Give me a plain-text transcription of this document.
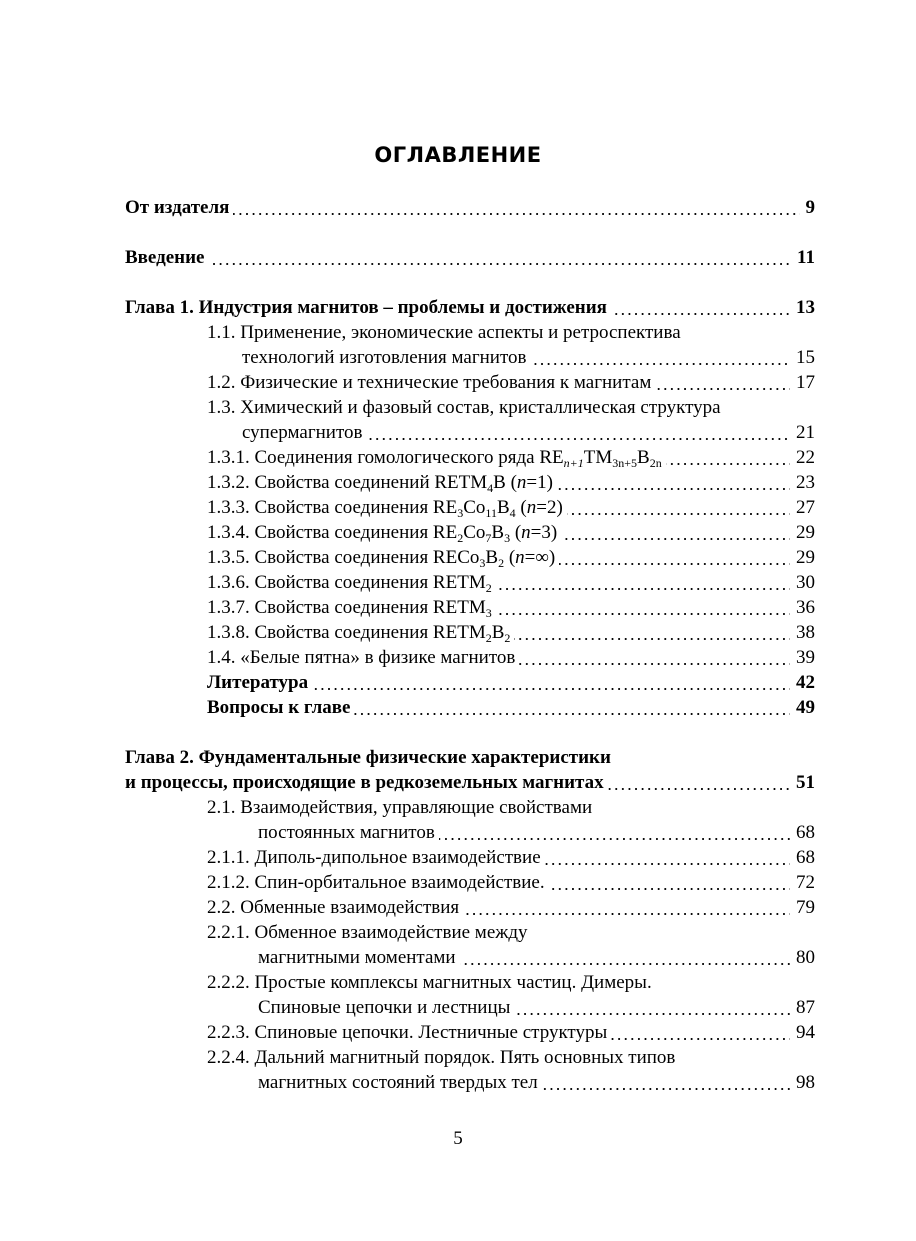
ОГЛАВЛЕНИЕ
От издателя	9
Введение	11
Глава 1. Индустрия магнитов – проблемы и достижения	13
1.1. Применение, экономические аспекты и ретроспектива
технологий изготовления магнитов	15
1.2. Физические и технические требования к магнитам	17
1.3. Химический и фазовый состав, кристаллическая структура
супермагнитов	21
1.3.1. Соединения гомологического ряда $RE_{n+1}TM_{3n+5}B_{2n}$	22
1.3.2. Свойства соединений $RETM_4B$ (n=1)	23
1.3.3. Свойства соединения $RE_3Co_{11}B_4$ (n=2)	27
1.3.4. Свойства соединения $RE_2Co_7B_3$ (n=3)	29
1.3.5. Свойства соединения $RECo_3B_2$ (n=∞)	29
1.3.6. Свойства соединения $RETM_2$	30
1.3.7. Свойства соединения $RETM_3$	36
1.3.8. Свойства соединения $RETM_2B_2$	38
1.4. «Белые пятна» в физике магнитов	39
Литература	42
Вопросы к главе	49
Глава 2. Фундаментальные физические характеристики
и процессы, происходящие в редкоземельных магнитах	51
2.1. Взаимодействия, управляющие свойствами
постоянных магнитов	68
2.1.1. Диполь-дипольное взаимодействие	68
2.1.2. Спин-орбитальное взаимодействие.	72
2.2. Обменные взаимодействия	79
2.2.1. Обменное взаимодействие между
магнитными моментами	80
2.2.2. Простые комплексы магнитных частиц. Димеры.
Спиновые цепочки и лестницы	87
2.2.3. Спиновые цепочки. Лестничные структуры	94
2.2.4. Дальний магнитный порядок. Пять основных типов
магнитных состояний твердых тел	98
5
